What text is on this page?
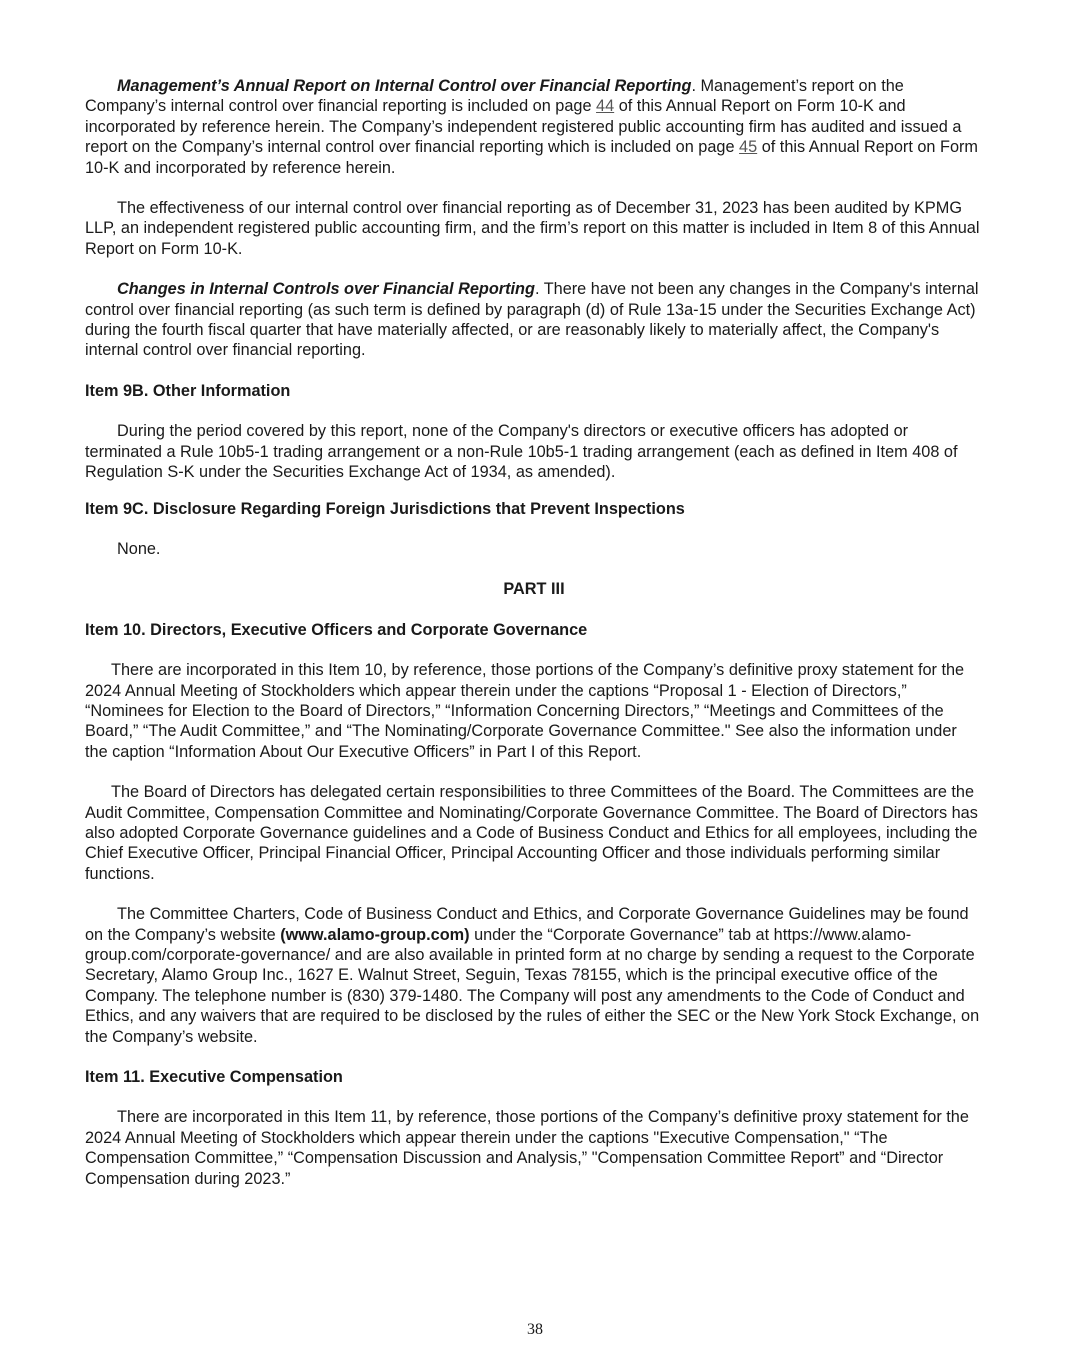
Management’s Annual Report on Internal Control over Financial Reporting. Management’s report on the Company’s internal control over financial reporting is included on page 44 of this Annual Report on Form 10-K and incorporated by reference herein. The Company’s independent registered public accounting firm has audited and issued a report on the Company’s internal control over financial reporting which is included on page 45 of this Annual Report on Form 10-K and incorporated by reference herein.

The effectiveness of our internal control over financial reporting as of December 31, 2023 has been audited by KPMG LLP, an independent registered public accounting firm, and the firm’s report on this matter is included in Item 8 of this Annual Report on Form 10-K.

Changes in Internal Controls over Financial Reporting. There have not been any changes in the Company's internal control over financial reporting (as such term is defined by paragraph (d) of Rule 13a-15 under the Securities Exchange Act) during the fourth fiscal quarter that have materially affected, or are reasonably likely to materially affect, the Company's internal control over financial reporting.

Item 9B. Other Information

During the period covered by this report, none of the Company's directors or executive officers has adopted or terminated a Rule 10b5-1 trading arrangement or a non-Rule 10b5-1 trading arrangement (each as defined in Item 408 of Regulation S-K under the Securities Exchange Act of 1934, as amended).

Item 9C. Disclosure Regarding Foreign Jurisdictions that Prevent Inspections

None.

PART III

Item 10. Directors, Executive Officers and Corporate Governance

There are incorporated in this Item 10, by reference, those portions of the Company’s definitive proxy statement for the 2024 Annual Meeting of Stockholders which appear therein under the captions “Proposal 1 - Election of Directors,” “Nominees for Election to the Board of Directors,” “Information Concerning Directors,” “Meetings and Committees of the Board,” “The Audit Committee,” and “The Nominating/Corporate Governance Committee." See also the information under the caption “Information About Our Executive Officers” in Part I of this Report.

The Board of Directors has delegated certain responsibilities to three Committees of the Board. The Committees are the Audit Committee, Compensation Committee and Nominating/Corporate Governance Committee. The Board of Directors has also adopted Corporate Governance guidelines and a Code of Business Conduct and Ethics for all employees, including the Chief Executive Officer, Principal Financial Officer, Principal Accounting Officer and those individuals performing similar functions.

The Committee Charters, Code of Business Conduct and Ethics, and Corporate Governance Guidelines may be found on the Company’s website (www.alamo-group.com) under the “Corporate Governance” tab at https://www.alamo-group.com/corporate-governance/ and are also available in printed form at no charge by sending a request to the Corporate Secretary, Alamo Group Inc., 1627 E. Walnut Street, Seguin, Texas 78155, which is the principal executive office of the Company. The telephone number is (830) 379-1480. The Company will post any amendments to the Code of Conduct and Ethics, and any waivers that are required to be disclosed by the rules of either the SEC or the New York Stock Exchange, on the Company’s website.

Item 11. Executive Compensation

There are incorporated in this Item 11, by reference, those portions of the Company’s definitive proxy statement for the 2024 Annual Meeting of Stockholders which appear therein under the captions "Executive Compensation," “The Compensation Committee,” “Compensation Discussion and Analysis,” "Compensation Committee Report” and “Director Compensation during 2023.”

38
